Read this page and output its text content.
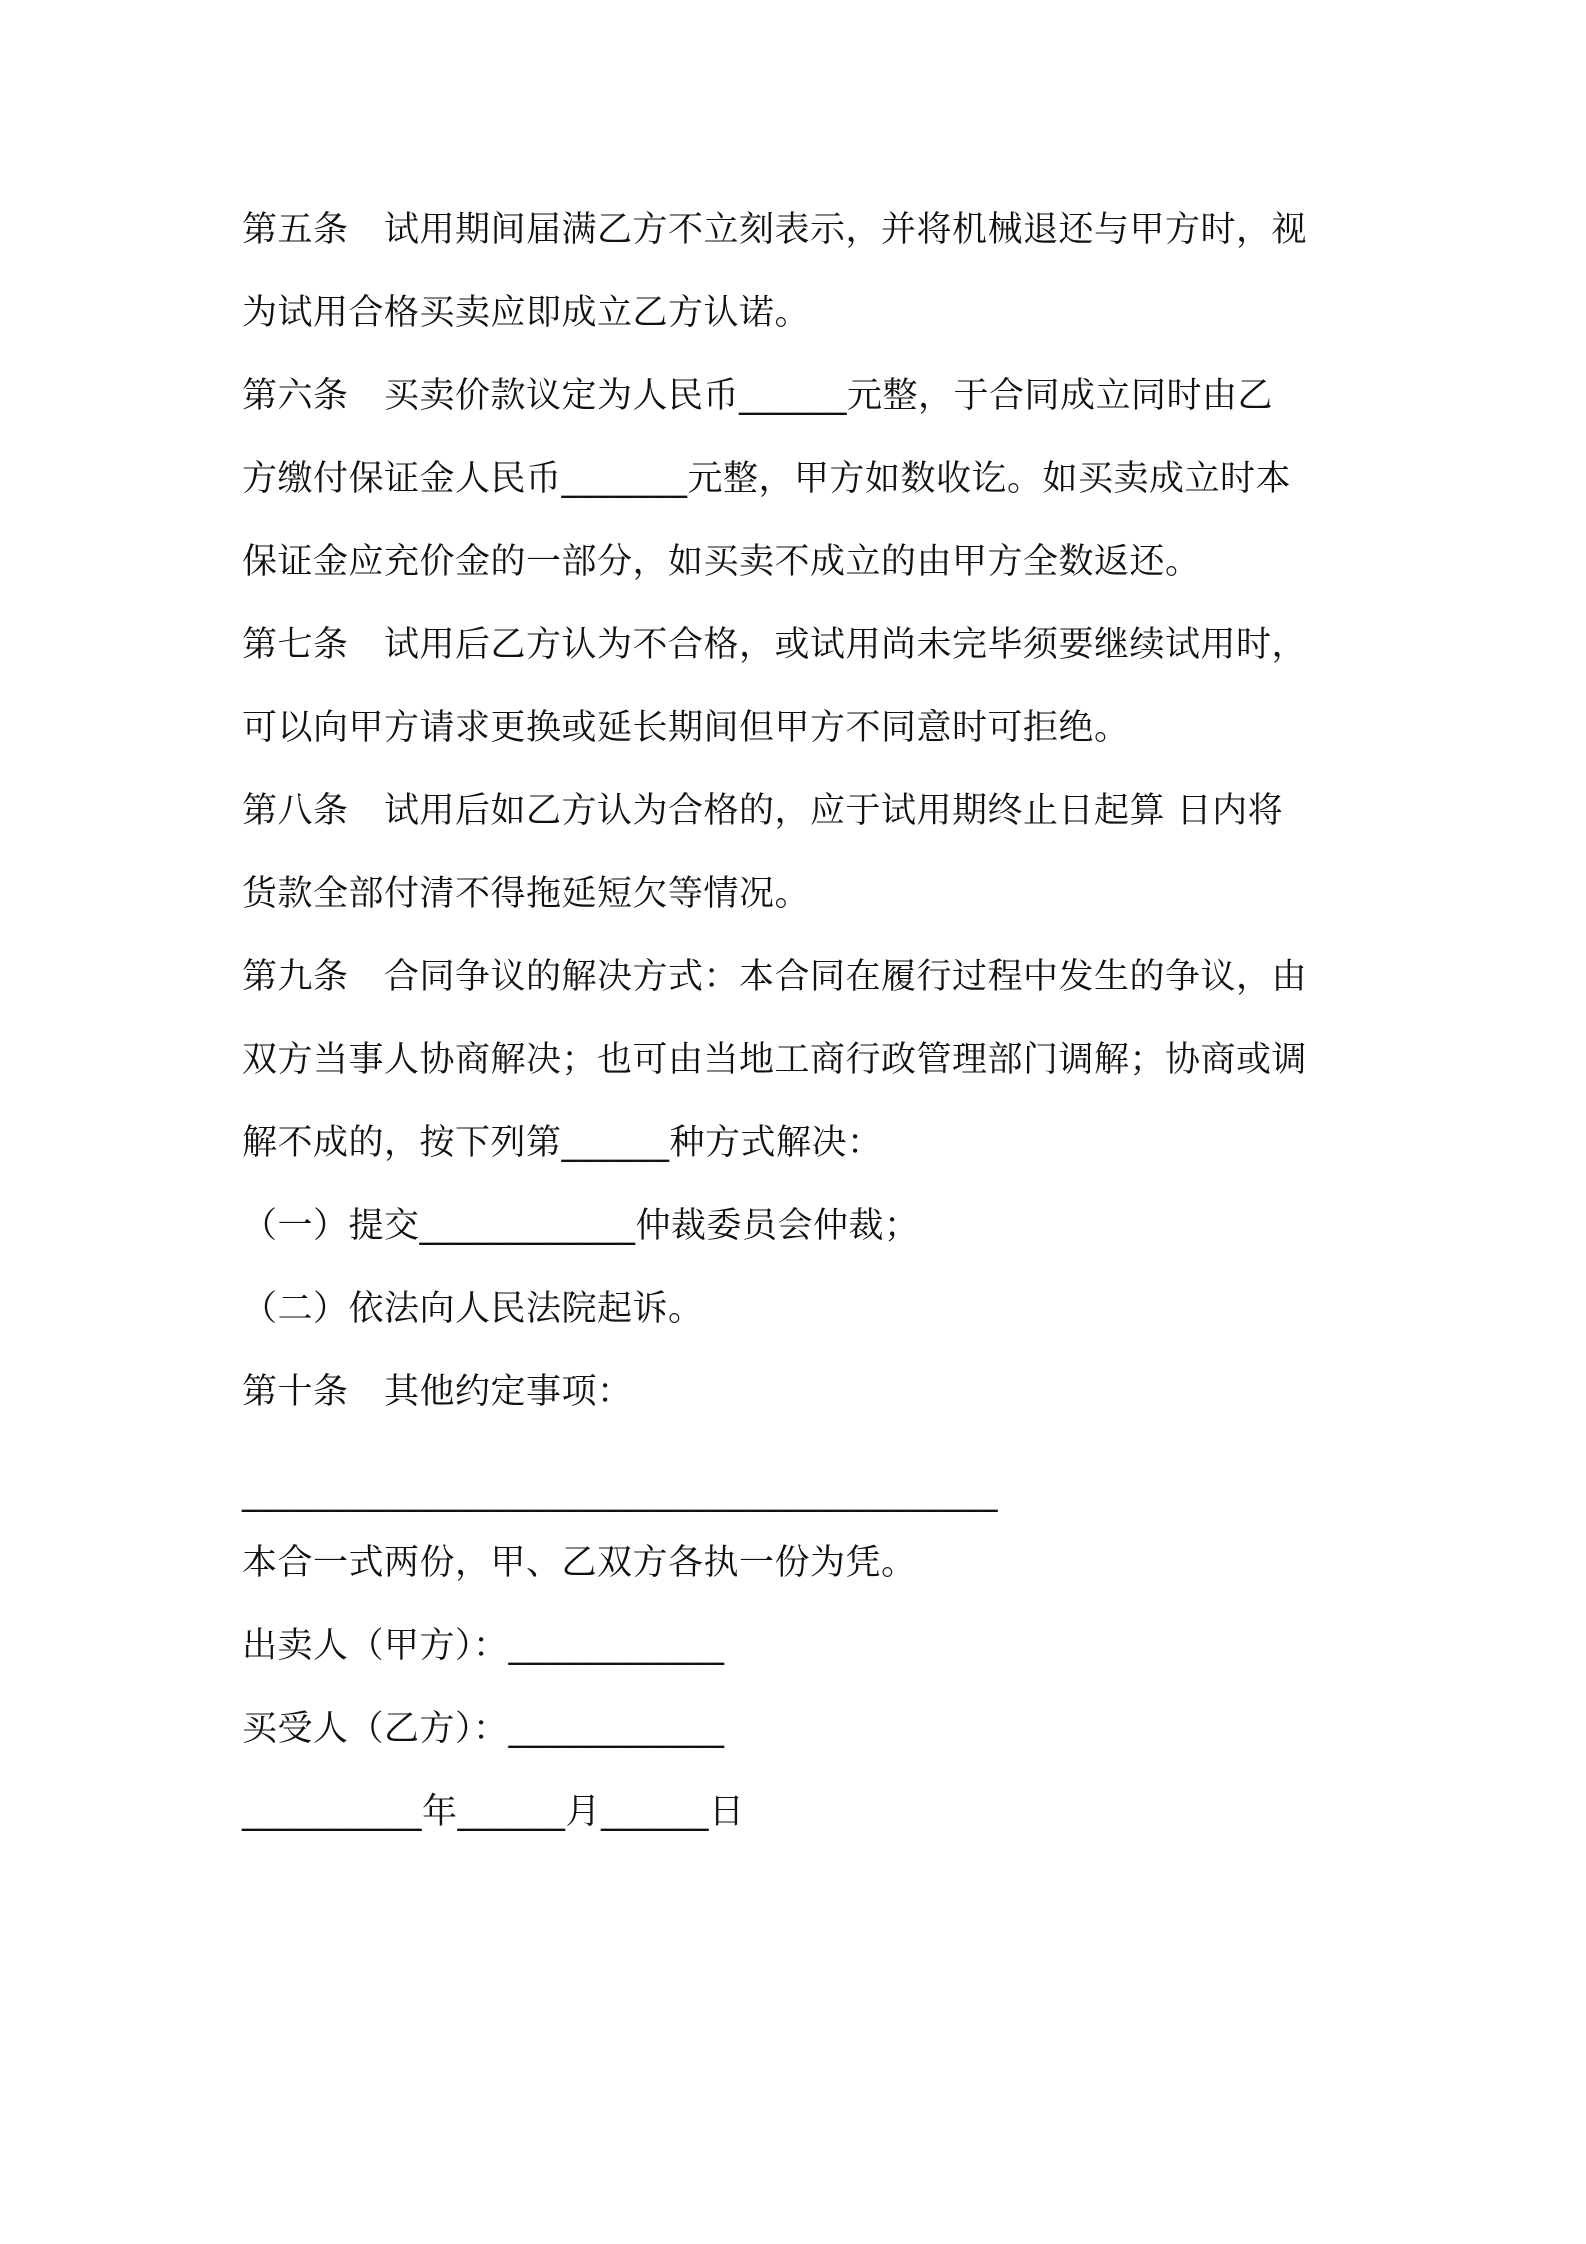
第五条　试用期间届满乙方不立刻表示，并将机械退还与甲方时，视
为试用合格买卖应即成立乙方认诺。
第六条　买卖价款议定为人民币______元整，于合同成立同时由乙
方缴付保证金人民币_______元整，甲方如数收讫。如买卖成立时本
保证金应充价金的一部分，如买卖不成立的由甲方全数返还。
第七条　试用后乙方认为不合格，或试用尚未完毕须要继续试用时，
可以向甲方请求更换或延长期间但甲方不同意时可拒绝。
第八条　试用后如乙方认为合格的，应于试用期终止日起算 日内将
货款全部付清不得拖延短欠等情况。
第九条　合同争议的解决方式：本合同在履行过程中发生的争议，由
双方当事人协商解决；也可由当地工商行政管理部门调解；协商或调
解不成的，按下列第______种方式解决：
（一）提交____________仲裁委员会仲裁；
（二）依法向人民法院起诉。
第十条　其他约定事项：
__________________________________________
本合一式两份，甲、乙双方各执一份为凭。
出卖人（甲方）：____________
买受人（乙方）：____________
__________年______月______日
